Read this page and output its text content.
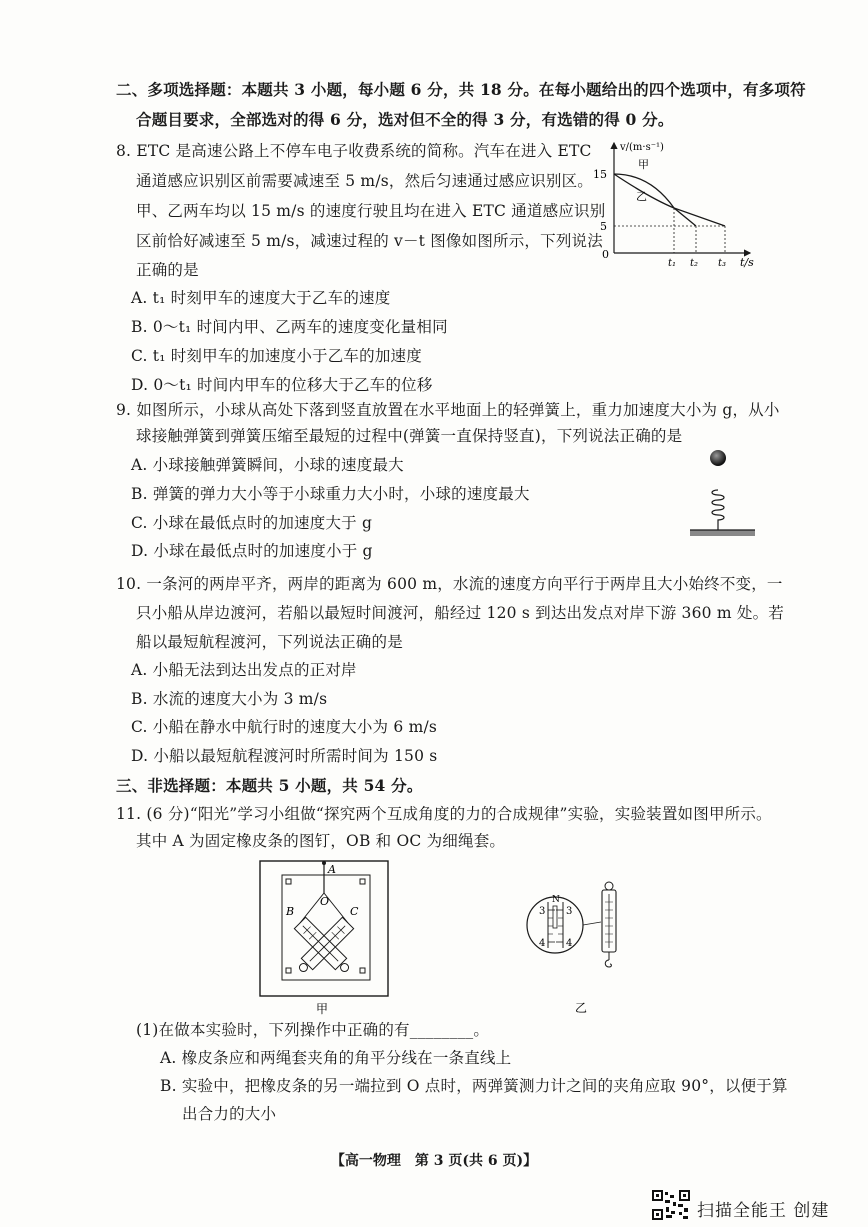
二、多项选择题：本题共 3 小题，每小题 6 分，共 18 分。在每小题给出的四个选项中，有多项符
合题目要求，全部选对的得 6 分，选对但不全的得 3 分，有选错的得 0 分。
8. ETC 是高速公路上不停车电子收费系统的简称。汽车在进入 ETC
通道感应识别区前需要减速至 5 m/s，然后匀速通过感应识别区。
甲、乙两车均以 15 m/s 的速度行驶且均在进入 ETC 通道感应识别
区前恰好减速至 5 m/s，减速过程的 v－t 图像如图所示，下列说法
正确的是
A. t₁ 时刻甲车的速度大于乙车的速度
B. 0～t₁ 时间内甲、乙两车的速度变化量相同
C. t₁ 时刻甲车的加速度小于乙车的加速度
D. 0～t₁ 时间内甲车的位移大于乙车的位移
v/(m·s⁻¹)
t/s
15
5
0
甲
乙
t₁ t₂ t₃
9. 如图所示，小球从高处下落到竖直放置在水平地面上的轻弹簧上，重力加速度大小为 g，从小
球接触弹簧到弹簧压缩至最短的过程中(弹簧一直保持竖直)，下列说法正确的是
A. 小球接触弹簧瞬间，小球的速度最大
B. 弹簧的弹力大小等于小球重力大小时，小球的速度最大
C. 小球在最低点时的加速度大于 g
D. 小球在最低点时的加速度小于 g
10. 一条河的两岸平齐，两岸的距离为 600 m，水流的速度方向平行于两岸且大小始终不变，一
只小船从岸边渡河，若船以最短时间渡河，船经过 120 s 到达出发点对岸下游 360 m 处。若
船以最短航程渡河，下列说法正确的是
A. 小船无法到达出发点的正对岸
B. 水流的速度大小为 3 m/s
C. 小船在静水中航行时的速度大小为 6 m/s
D. 小船以最短航程渡河时所需时间为 150 s
三、非选择题：本题共 5 小题，共 54 分。
11. (6 分)“阳光”学习小组做“探究两个互成角度的力的合成规律”实验，实验装置如图甲所示。
其中 A 为固定橡皮条的图钉，OB 和 OC 为细绳套。
A
O
B	C
甲
N
3 3
4 4
乙
(1)在做本实验时，下列操作中正确的有________。
A. 橡皮条应和两绳套夹角的角平分线在一条直线上
B. 实验中，把橡皮条的另一端拉到 O 点时，两弹簧测力计之间的夹角应取 90°，以便于算
出合力的大小
【高一物理　第 3 页(共 6 页)】
扫描全能王 创建
